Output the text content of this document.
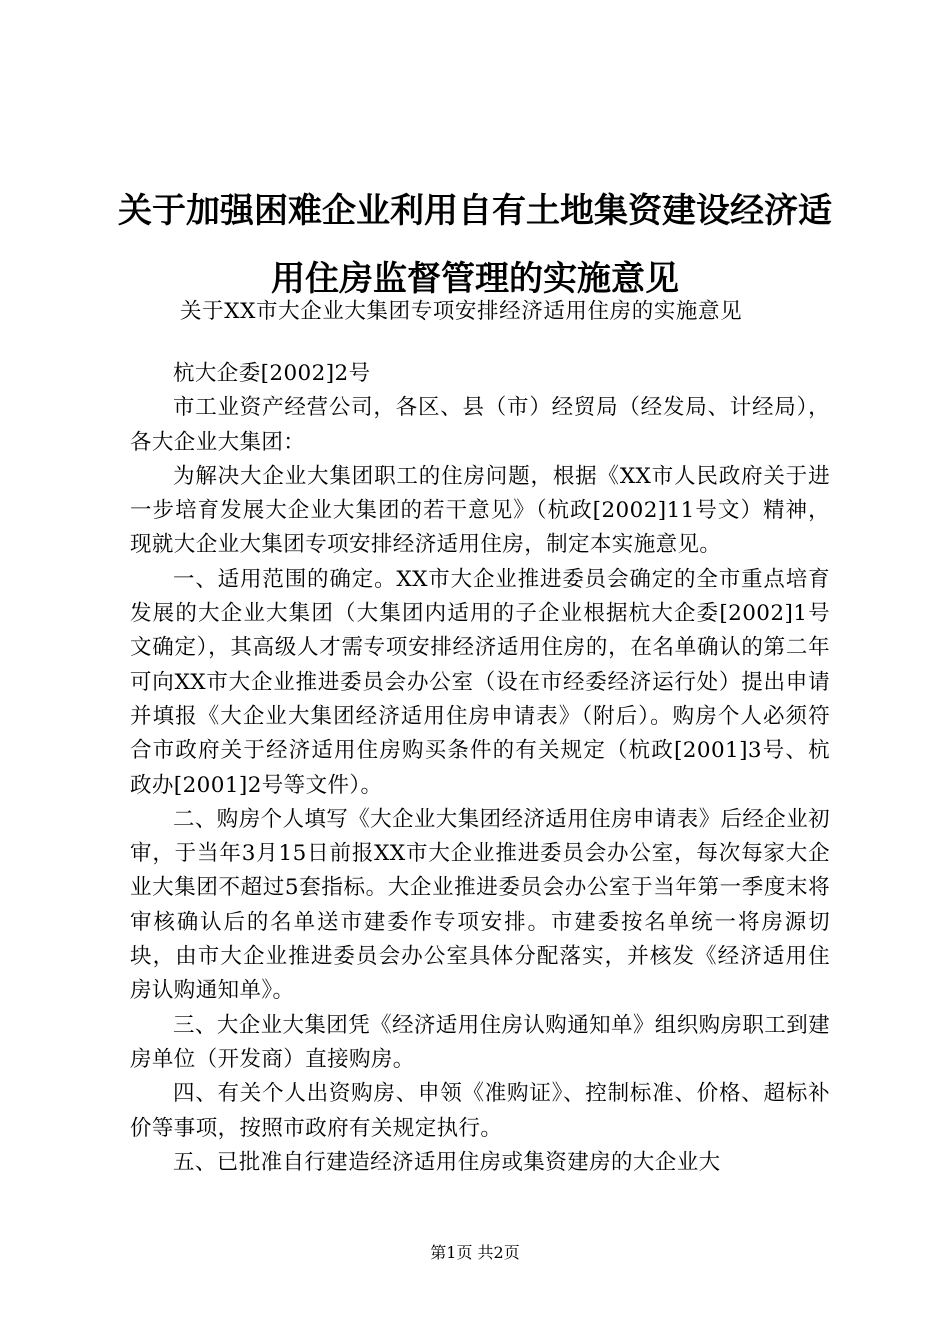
关于加强困难企业利用自有土地集资建设经济适用住房监督管理的实施意见
关于XX市大企业大集团专项安排经济适用住房的实施意见

杭大企委[2002]2号

市工业资产经营公司，各区、县（市）经贸局（经发局、计经局），各大企业大集团：

为解决大企业大集团职工的住房问题，根据《XX市人民政府关于进一步培育发展大企业大集团的若干意见》（杭政[2002]11号文）精神，现就大企业大集团专项安排经济适用住房，制定本实施意见。

一、适用范围的确定。XX市大企业推进委员会确定的全市重点培育发展的大企业大集团（大集团内适用的子企业根据杭大企委[2002]1号文确定），其高级人才需专项安排经济适用住房的，在名单确认的第二年可向XX市大企业推进委员会办公室（设在市经委经济运行处）提出申请并填报《大企业大集团经济适用住房申请表》（附后）。购房个人必须符合市政府关于经济适用住房购买条件的有关规定（杭政[2001]3号、杭政办[2001]2号等文件）。

二、购房个人填写《大企业大集团经济适用住房申请表》后经企业初审，于当年3月15日前报XX市大企业推进委员会办公室，每次每家大企业大集团不超过5套指标。大企业推进委员会办公室于当年第一季度末将审核确认后的名单送市建委作专项安排。市建委按名单统一将房源切块，由市大企业推进委员会办公室具体分配落实，并核发《经济适用住房认购通知单》。

三、大企业大集团凭《经济适用住房认购通知单》组织购房职工到建房单位（开发商）直接购房。

四、有关个人出资购房、申领《准购证》、控制标准、价格、超标补价等事项，按照市政府有关规定执行。

五、已批准自行建造经济适用住房或集资建房的大企业大

第1页 共2页
